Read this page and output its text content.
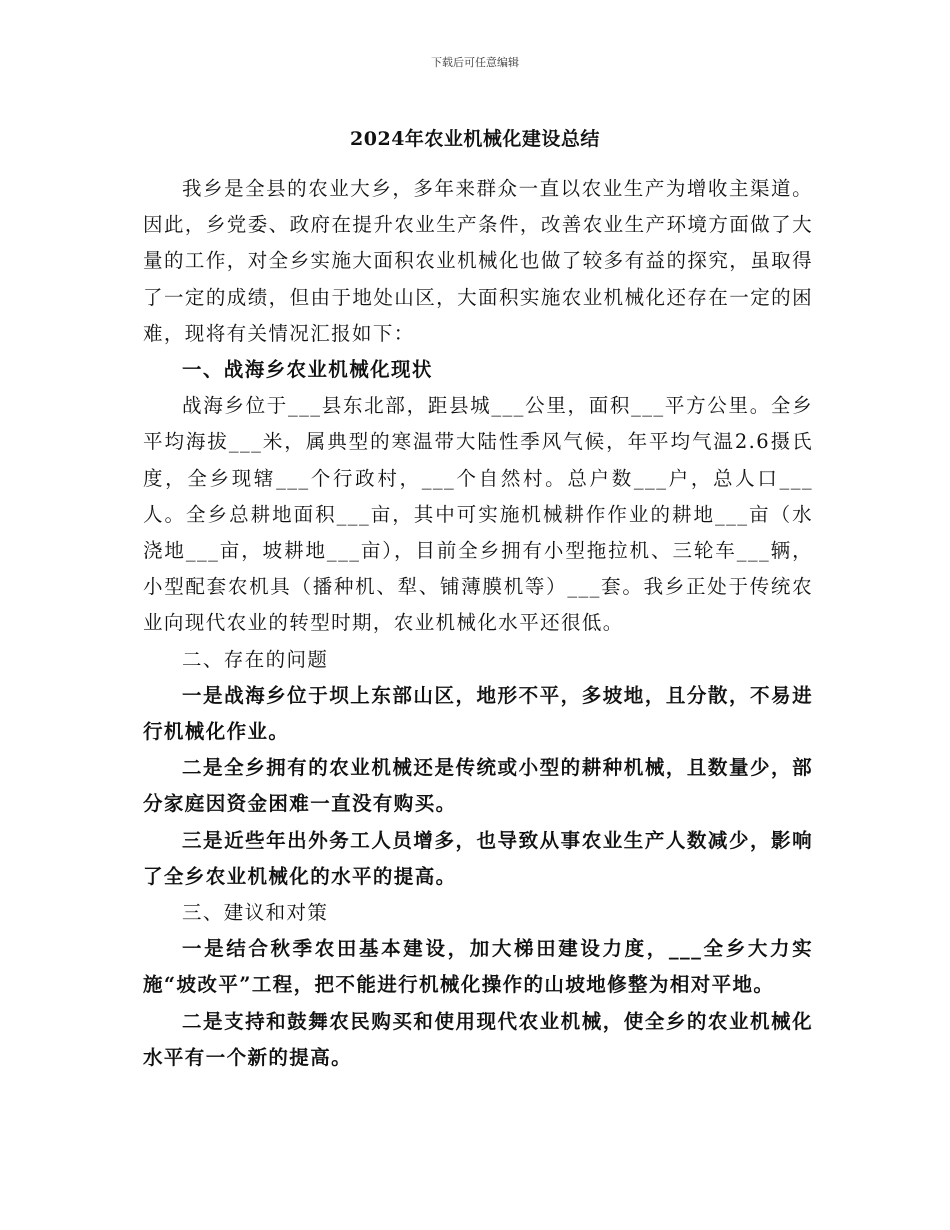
下载后可任意编辑
2024年农业机械化建设总结

我乡是全县的农业大乡，多年来群众一直以农业生产为增收主渠道。因此，乡党委、政府在提升农业生产条件，改善农业生产环境方面做了大量的工作，对全乡实施大面积农业机械化也做了较多有益的探究，虽取得了一定的成绩，但由于地处山区，大面积实施农业机械化还存在一定的困难，现将有关情况汇报如下：

一、战海乡农业机械化现状

战海乡位于___县东北部，距县城___公里，面积___平方公里。全乡平均海拔___米，属典型的寒温带大陆性季风气候，年平均气温2.6摄氏度，全乡现辖___个行政村，___个自然村。总户数___户，总人口___人。全乡总耕地面积___亩，其中可实施机械耕作作业的耕地___亩（水浇地___亩，坡耕地___亩），目前全乡拥有小型拖拉机、三轮车___辆，小型配套农机具（播种机、犁、铺薄膜机等）___套。我乡正处于传统农业向现代农业的转型时期，农业机械化水平还很低。

二、存在的问题

一是战海乡位于坝上东部山区，地形不平，多坡地，且分散，不易进行机械化作业。

二是全乡拥有的农业机械还是传统或小型的耕种机械，且数量少，部分家庭因资金困难一直没有购买。

三是近些年出外务工人员增多，也导致从事农业生产人数减少，影响了全乡农业机械化的水平的提高。

三、建议和对策

一是结合秋季农田基本建设，加大梯田建设力度，___全乡大力实施“坡改平”工程，把不能进行机械化操作的山坡地修整为相对平地。

二是支持和鼓舞农民购买和使用现代农业机械，使全乡的农业机械化水平有一个新的提高。
